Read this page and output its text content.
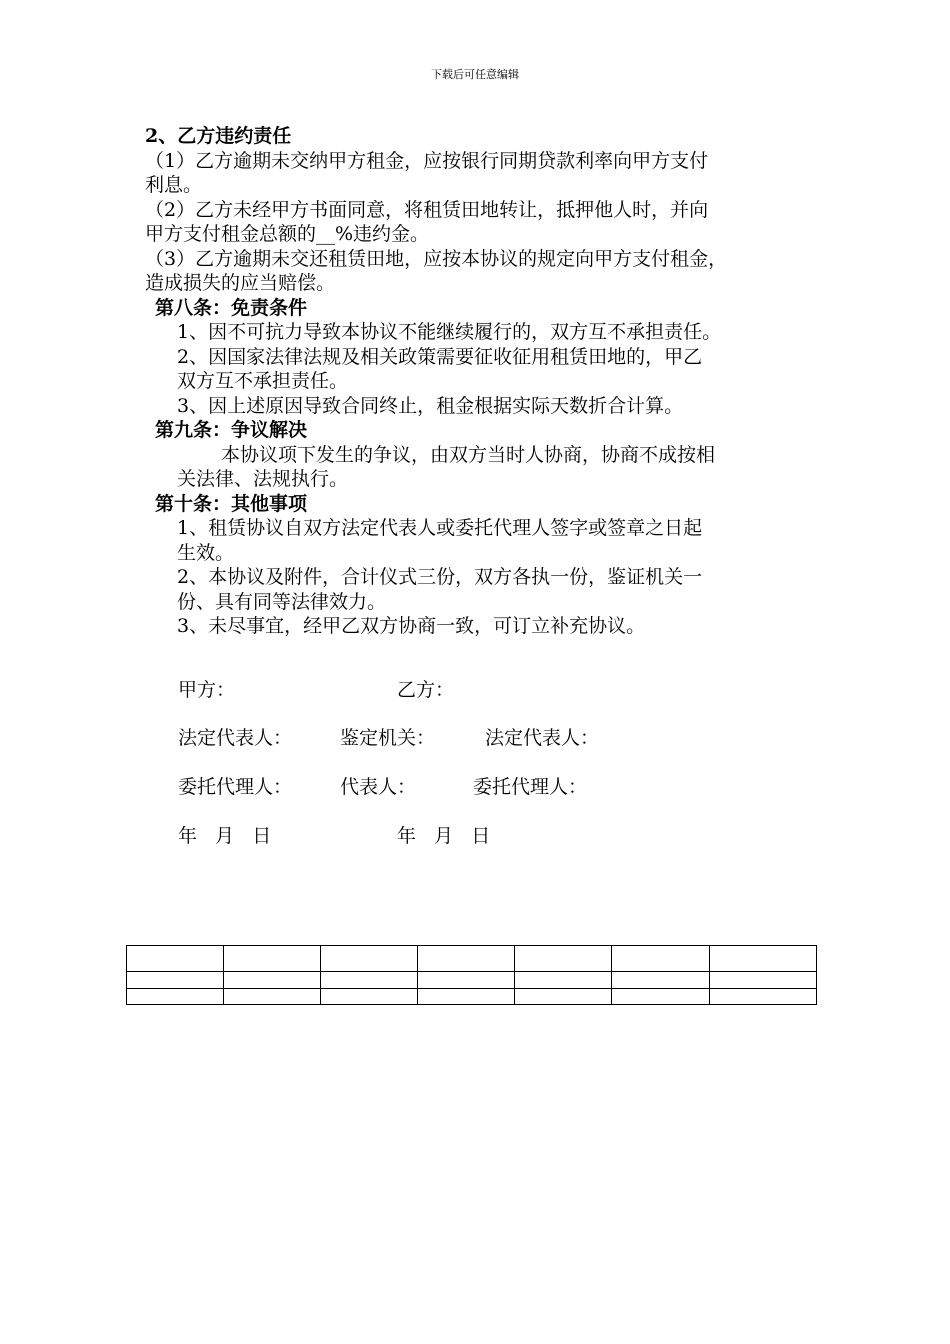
下载后可任意编辑
2、乙方违约责任
（1）乙方逾期未交纳甲方租金，应按银行同期贷款利率向甲方支付
利息。
（2）乙方未经甲方书面同意，将租赁田地转让，抵押他人时，并向
甲方支付租金总额的__%违约金。
（3）乙方逾期未交还租赁田地，应按本协议的规定向甲方支付租金，
造成损失的应当赔偿。
第八条：免责条件
1、因不可抗力导致本协议不能继续履行的，双方互不承担责任。
2、因国家法律法规及相关政策需要征收征用租赁田地的，甲乙
双方互不承担责任。
3、因上述原因导致合同终止，租金根据实际天数折合计算。
第九条：争议解决
本协议项下发生的争议，由双方当时人协商，协商不成按相
关法律、法规执行。
第十条：其他事项
1、租赁协议自双方法定代表人或委托代理人签字或签章之日起
生效。
2、本协议及附件，合计仪式三份，双方各执一份，鉴证机关一
份、具有同等法律效力。
3、未尽事宜，经甲乙双方协商一致，可订立补充协议。
甲方：	乙方：
法定代表人：	鉴定机关：	法定代表人：
委托代理人：	代表人：	委托代理人：
年   月   日	年   月   日
